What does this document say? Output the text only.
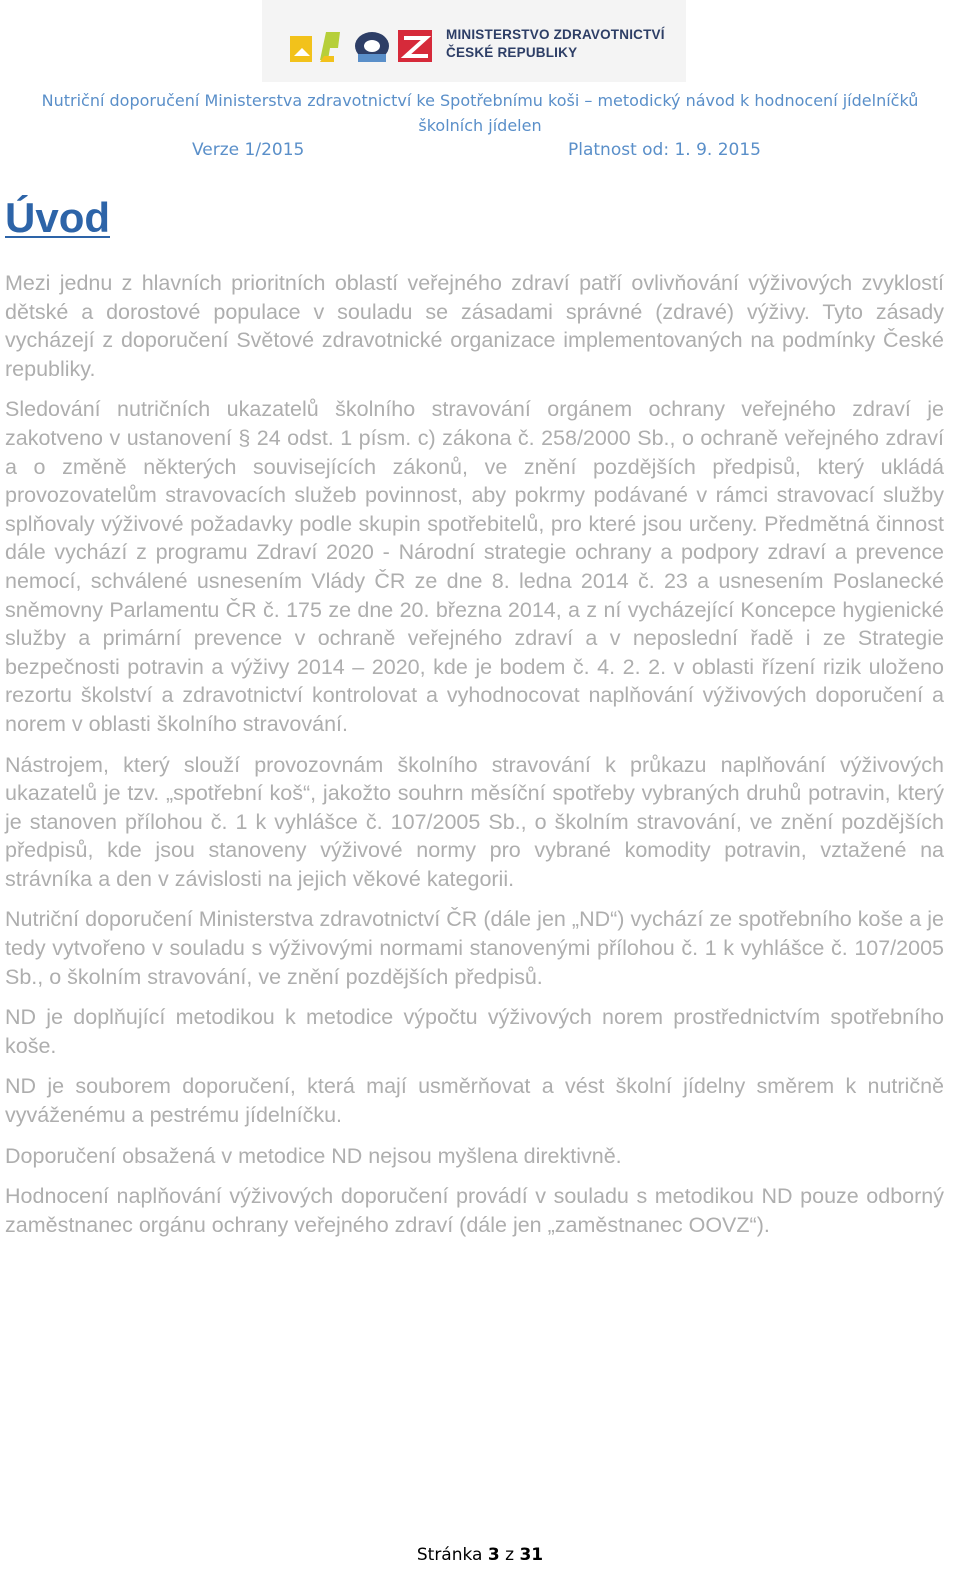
MINISTERSTVO ZDRAVOTNICTVÍ
ČESKÉ REPUBLIKY
Nutriční doporučení Ministerstva zdravotnictví ke Spotřebnímu koši – metodický návod k hodnocení jídelníčků
školních jídelen
Verze 1/2015	Platnost od: 1. 9. 2015
Úvod

Mezi jednu z hlavních prioritních oblastí veřejného zdraví patří ovlivňování výživových zvyklostí dětské a dorostové populace v souladu se zásadami správné (zdravé) výživy. Tyto zásady vycházejí z doporučení Světové zdravotnické organizace implementovaných na podmínky České republiky.

Sledování nutričních ukazatelů školního stravování orgánem ochrany veřejného zdraví je zakotveno v ustanovení § 24 odst. 1 písm. c) zákona č. 258/2000 Sb., o ochraně veřejného zdraví a o změně některých souvisejících zákonů, ve znění pozdějších předpisů, který ukládá provozovatelům stravovacích služeb povinnost, aby pokrmy podávané v rámci stravovací služby splňovaly výživové požadavky podle skupin spotřebitelů, pro které jsou určeny. Předmětná činnost dále vychází z programu Zdraví 2020 - Národní strategie ochrany a podpory zdraví a prevence nemocí, schválené usnesením Vlády ČR ze dne 8. ledna 2014 č. 23 a usnesením Poslanecké sněmovny Parlamentu ČR č. 175 ze dne 20. března 2014, a z ní vycházející Koncepce hygienické služby a primární prevence v ochraně veřejného zdraví a v neposlední řadě i ze Strategie bezpečnosti potravin a výživy 2014 – 2020, kde je bodem č. 4. 2. 2. v oblasti řízení rizik uloženo rezortu školství a zdravotnictví kontrolovat a vyhodnocovat naplňování výživových doporučení a norem v oblasti školního stravování.

Nástrojem, který slouží provozovnám školního stravování k průkazu naplňování výživových ukazatelů je tzv. „spotřební koš“, jakožto souhrn měsíční spotřeby vybraných druhů potravin, který je stanoven přílohou č. 1 k vyhlášce č. 107/2005 Sb., o školním stravování, ve znění pozdějších předpisů, kde jsou stanoveny výživové normy pro vybrané komodity potravin, vztažené na strávníka a den v závislosti na jejich věkové kategorii.

Nutriční doporučení Ministerstva zdravotnictví ČR (dále jen „ND“) vychází ze spotřebního koše a je tedy vytvořeno v souladu s výživovými normami stanovenými přílohou č. 1 k vyhlášce č. 107/2005 Sb., o školním stravování, ve znění pozdějších předpisů.

ND je doplňující metodikou k metodice výpočtu výživových norem prostřednictvím spotřebního koše.

ND je souborem doporučení, která mají usměrňovat a vést školní jídelny směrem k nutričně vyváženému a pestrému jídelníčku.

Doporučení obsažená v metodice ND nejsou myšlena direktivně.

Hodnocení naplňování výživových doporučení provádí v souladu s metodikou ND pouze odborný zaměstnanec orgánu ochrany veřejného zdraví (dále jen „zaměstnanec OOVZ“).

Stránka 3 z 31
